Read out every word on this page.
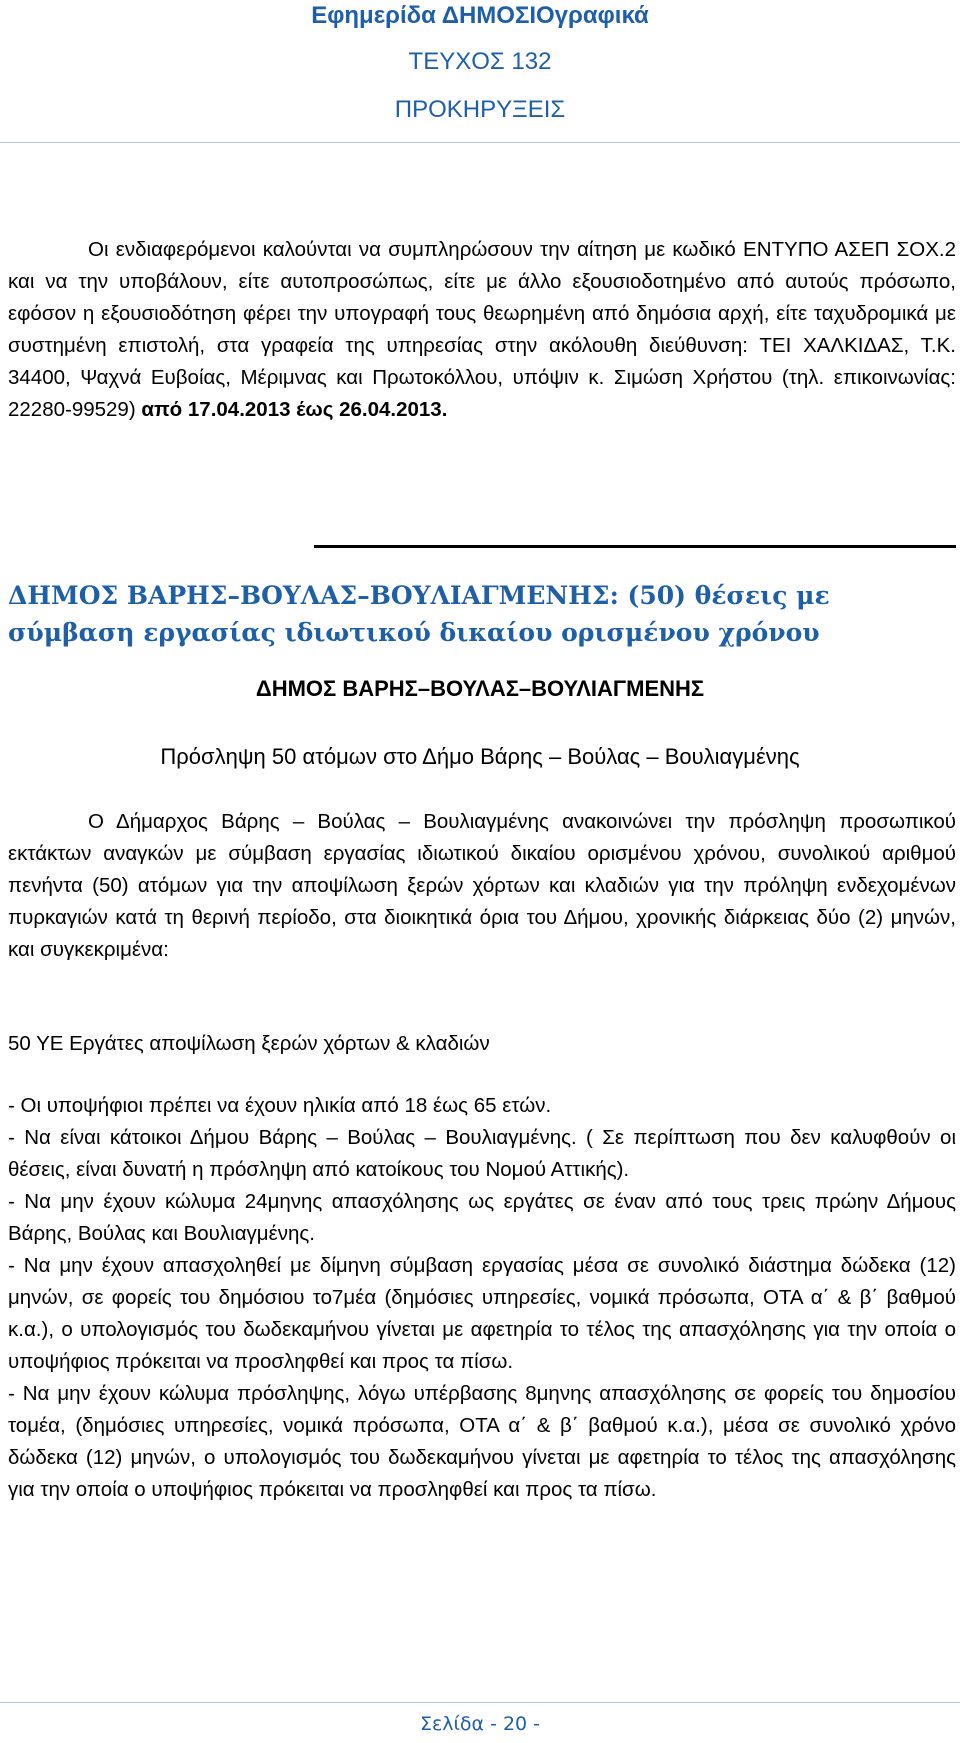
Εφημερίδα ΔΗΜΟΣΙΟγραφικά
ΤΕΥΧΟΣ 132
ΠΡΟΚΗΡΥΞΕΙΣ
Οι ενδιαφερόμενοι καλούνται να συμπληρώσουν την αίτηση με κωδικό ΕΝΤΥΠΟ ΑΣΕΠ ΣΟΧ.2 και να την υποβάλουν, είτε αυτοπροσώπως, είτε με άλλο εξουσιοδοτημένο από αυτούς πρόσωπο, εφόσον η εξουσιοδότηση φέρει την υπογραφή τους θεωρημένη από δημόσια αρχή, είτε ταχυδρομικά με συστημένη επιστολή, στα γραφεία της υπηρεσίας στην ακόλουθη διεύθυνση: ΤΕΙ ΧΑΛΚΙΔΑΣ, Τ.Κ. 34400, Ψαχνά Ευβοίας, Μέριμνας και Πρωτοκόλλου, υπόψιν κ. Σιμώση Χρήστου (τηλ. επικοινωνίας: 22280-99529) από 17.04.2013 έως 26.04.2013.
ΔΗΜΟΣ ΒΑΡΗΣ–ΒΟΥΛΑΣ–ΒΟΥΛΙΑΓΜΕΝΗΣ: (50) θέσεις με σύμβαση εργασίας ιδιωτικού δικαίου ορισμένου χρόνου
ΔΗΜΟΣ ΒΑΡΗΣ–ΒΟΥΛΑΣ–ΒΟΥΛΙΑΓΜΕΝΗΣ
Πρόσληψη 50 ατόμων στο Δήμο Βάρης – Βούλας – Βουλιαγμένης
Ο Δήμαρχος Βάρης – Βούλας – Βουλιαγμένης ανακοινώνει την πρόσληψη προσωπικού εκτάκτων αναγκών με σύμβαση εργασίας ιδιωτικού δικαίου ορισμένου χρόνου, συνολικού αριθμού πενήντα (50) ατόμων για την αποψίλωση ξερών χόρτων και κλαδιών για την πρόληψη ενδεχομένων πυρκαγιών κατά τη θερινή περίοδο, στα διοικητικά όρια του Δήμου, χρονικής διάρκειας δύο (2) μηνών, και συγκεκριμένα:
50 ΥΕ Εργάτες αποψίλωση ξερών χόρτων & κλαδιών
- Οι υποψήφιοι πρέπει να έχουν ηλικία από 18 έως 65 ετών.
- Να είναι κάτοικοι Δήμου Βάρης – Βούλας – Βουλιαγμένης. ( Σε περίπτωση που δεν καλυφθούν οι θέσεις, είναι δυνατή η πρόσληψη από κατοίκους του Νομού Αττικής).
- Να μην έχουν κώλυμα 24μηνης απασχόλησης ως εργάτες σε έναν από τους τρεις πρώην Δήμους Βάρης, Βούλας και Βουλιαγμένης.
- Να μην έχουν απασχοληθεί με δίμηνη σύμβαση εργασίας μέσα σε συνολικό διάστημα δώδεκα (12) μηνών, σε φορείς του δημόσιου το7μέα (δημόσιες υπηρεσίες, νομικά πρόσωπα, ΟΤΑ α΄ & β΄ βαθμού κ.α.), ο υπολογισμός του δωδεκαμήνου γίνεται με αφετηρία το τέλος της απασχόλησης για την οποία ο υποψήφιος πρόκειται να προσληφθεί και προς τα πίσω.
- Να μην έχουν κώλυμα πρόσληψης, λόγω υπέρβασης 8μηνης απασχόλησης σε φορείς του δημοσίου τομέα, (δημόσιες υπηρεσίες, νομικά πρόσωπα, ΟΤΑ α΄ & β΄ βαθμού κ.α.), μέσα σε συνολικό χρόνο δώδεκα (12) μηνών, ο υπολογισμός του δωδεκαμήνου γίνεται με αφετηρία το τέλος της απασχόλησης για την οποία ο υποψήφιος πρόκειται να προσληφθεί και προς τα πίσω.
Σελίδα - 20 -
